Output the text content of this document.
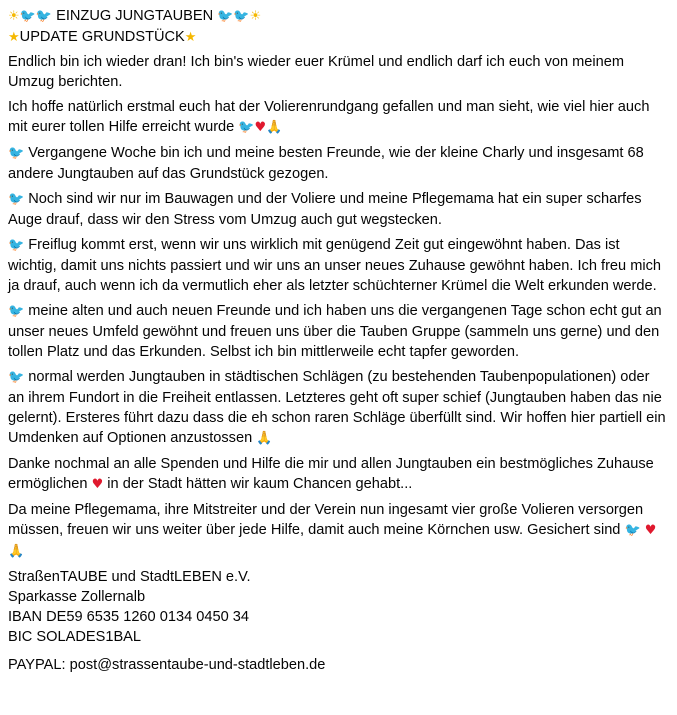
☀🐦🐦 EINZUG JUNGTAUBEN 🐦🐦☀
★UPDATE GRUNDSTÜCK★

Endlich bin ich wieder dran! Ich bin's wieder euer Krümel und endlich darf ich euch von meinem Umzug berichten.

Ich hoffe natürlich erstmal euch hat der Volierenrundgang gefallen und man sieht, wie viel hier auch mit eurer tollen Hilfe erreicht wurde 🐦♥🙏

🐦 Vergangene Woche bin ich und meine besten Freunde, wie der kleine Charly und insgesamt 68 andere Jungtauben auf das Grundstück gezogen.

🐦 Noch sind wir nur im Bauwagen und der Voliere und meine Pflegemama hat ein super scharfes Auge drauf, dass wir den Stress vom Umzug auch gut wegstecken.

🐦 Freiflug kommt erst, wenn wir uns wirklich mit genügend Zeit gut eingewöhnt haben. Das ist wichtig, damit uns nichts passiert und wir uns an unser neues Zuhause gewöhnt haben. Ich freu mich ja drauf, auch wenn ich da vermutlich eher als letzter schüchterner Krümel die Welt erkunden werde.

🐦 meine alten und auch neuen Freunde und ich haben uns die vergangenen Tage schon echt gut an unser neues Umfeld gewöhnt und freuen uns über die Tauben Gruppe (sammeln uns gerne) und den tollen Platz und das Erkunden. Selbst ich bin mittlerweile echt tapfer geworden.

🐦 normal werden Jungtauben in städtischen Schlägen (zu bestehenden Taubenpopulationen) oder an ihrem Fundort in die Freiheit entlassen. Letzteres geht oft super schief (Jungtauben haben das nie gelernt). Ersteres führt dazu dass die eh schon raren Schläge überfüllt sind. Wir hoffen hier partiell ein Umdenken auf Optionen anzustossen 🙏

Danke nochmal an alle Spenden und Hilfe die mir und allen Jungtauben ein bestmögliches Zuhause ermöglichen ♥ in der Stadt hätten wir kaum Chancen gehabt...

Da meine Pflegemama, ihre Mitstreiter und der Verein nun ingesamt vier große Volieren versorgen müssen, freuen wir uns weiter über jede Hilfe, damit auch meine Körnchen usw. Gesichert sind 🐦 ♥🙏

StraßenTAUBE und StadtLEBEN e.V.

Sparkasse Zollernalb

IBAN DE59 6535 1260 0134 0450 34

BIC SOLADES1BAL

PAYPAL: post@strassentaube-und-stadtleben.de
